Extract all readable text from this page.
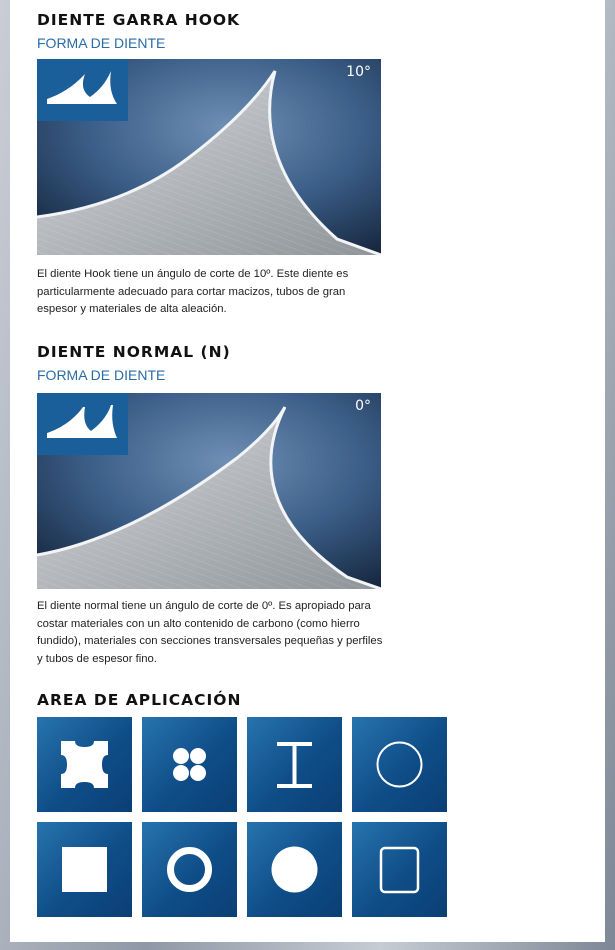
DIENTE GARRA HOOK
FORMA DE DIENTE
10°

El diente Hook tiene un ángulo de corte de 10º. Este diente es particularmente adecuado para cortar macizos, tubos de gran espesor y materiales de alta aleación.

DIENTE NORMAL (N)
FORMA DE DIENTE
0°

El diente normal tiene un ángulo de corte de 0º. Es apropiado para costar materiales con un alto contenido de carbono (como hierro fundido), materiales con secciones transversales pequeñas y perfiles y tubos de espesor fino.

AREA DE APLICACIÓN
